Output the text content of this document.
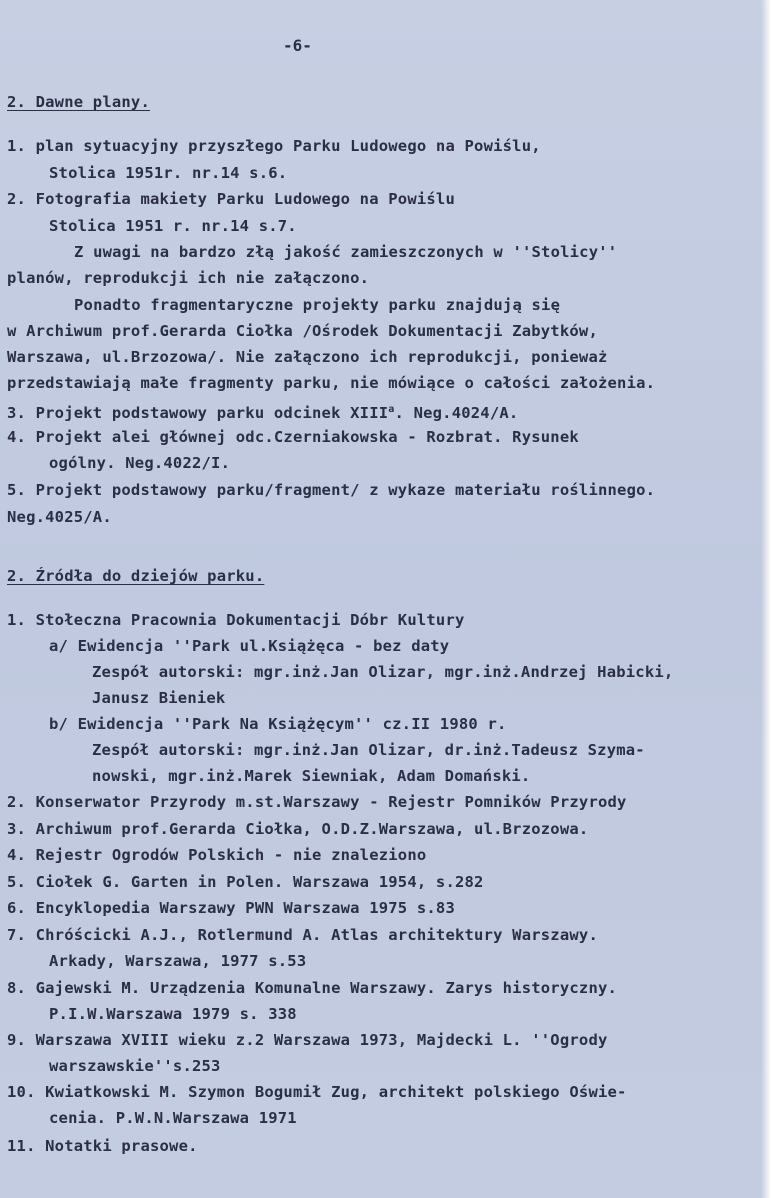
-6-
2. Dawne plany.
1. plan sytuacyjny przyszłego Parku Ludowego na Powiślu,
Stolica 1951r. nr.14 s.6.
2. Fotografia makiety Parku Ludowego na Powiślu
Stolica 1951 r. nr.14 s.7.
Z uwagi na bardzo złą jakość zamieszczonych w ''Stolicy''
planów, reprodukcji ich nie załączono.
Ponadto fragmentaryczne projekty parku znajdują się
w Archiwum prof.Gerarda Ciołka /Ośrodek Dokumentacji Zabytków,
Warszawa, ul.Brzozowa/. Nie załączono ich reprodukcji, ponieważ
przedstawiają małe fragmenty parku, nie mówiące o całości założenia.
3. Projekt podstawowy parku odcinek XIII$^a$. Neg.4024/A.
4. Projekt alei głównej odc.Czerniakowska - Rozbrat. Rysunek
ogólny. Neg.4022/I.
5. Projekt podstawowy parku/fragment/ z wykaze materiału roślinnego.
Neg.4025/A.
2. Źródła do dziejów parku.
1. Stołeczna Pracownia Dokumentacji Dóbr Kultury
a/ Ewidencja ''Park ul.Książęca - bez daty
Zespół autorski: mgr.inż.Jan Olizar, mgr.inż.Andrzej Habicki,
Janusz Bieniek
b/ Ewidencja ''Park Na Książęcym'' cz.II 1980 r.
Zespół autorski: mgr.inż.Jan Olizar, dr.inż.Tadeusz Szyma-
nowski, mgr.inż.Marek Siewniak, Adam Domański.
2. Konserwator Przyrody m.st.Warszawy - Rejestr Pomników Przyrody
3. Archiwum prof.Gerarda Ciołka, O.D.Z.Warszawa, ul.Brzozowa.
4. Rejestr Ogrodów Polskich - nie znaleziono
5. Ciołek G. Garten in Polen. Warszawa 1954, s.282
6. Encyklopedia Warszawy PWN Warszawa 1975 s.83
7. Chróścicki A.J., Rotlermund A. Atlas architektury Warszawy.
Arkady, Warszawa, 1977 s.53
8. Gajewski M. Urządzenia Komunalne Warszawy. Zarys historyczny.
P.I.W.Warszawa 1979 s. 338
9. Warszawa XVIII wieku z.2 Warszawa 1973, Majdecki L. ''Ogrody
warszawskie''s.253
10. Kwiatkowski M. Szymon Bogumił Zug, architekt polskiego Oświe-
cenia. P.W.N.Warszawa 1971
11. Notatki prasowe.
